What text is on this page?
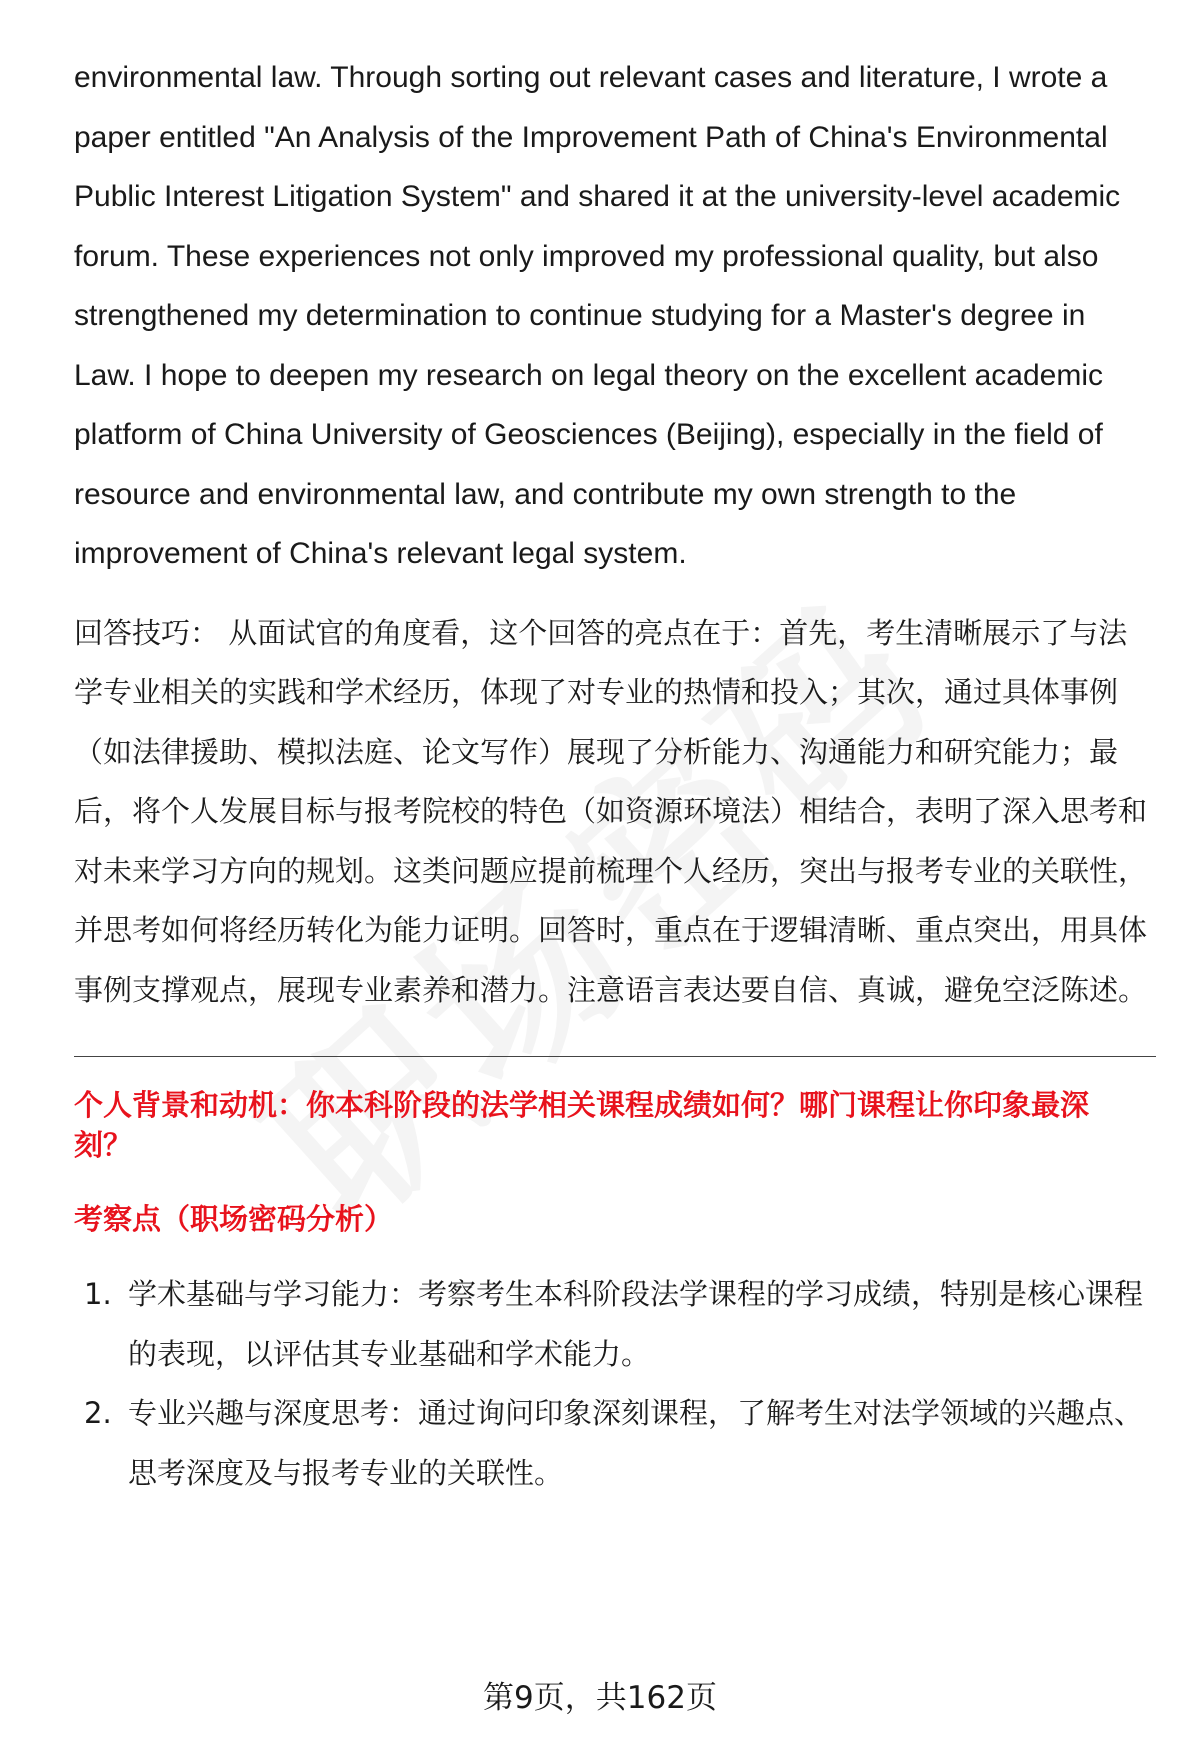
environmental law. Through sorting out relevant cases and literature, I wrote a paper entitled "An Analysis of the Improvement Path of China's Environmental Public Interest Litigation System" and shared it at the university-level academic forum. These experiences not only improved my professional quality, but also strengthened my determination to continue studying for a Master's degree in Law. I hope to deepen my research on legal theory on the excellent academic platform of China University of Geosciences (Beijing), especially in the field of resource and environmental law, and contribute my own strength to the improvement of China's relevant legal system.

回答技巧： 从面试官的角度看，这个回答的亮点在于：首先，考生清晰展示了与法学专业相关的实践和学术经历，体现了对专业的热情和投入；其次，通过具体事例（如法律援助、模拟法庭、论文写作）展现了分析能力、沟通能力和研究能力；最后，将个人发展目标与报考院校的特色（如资源环境法）相结合，表明了深入思考和对未来学习方向的规划。这类问题应提前梳理个人经历，突出与报考专业的关联性，并思考如何将经历转化为能力证明。回答时，重点在于逻辑清晰、重点突出，用具体事例支撑观点，展现专业素养和潜力。注意语言表达要自信、真诚，避免空泛陈述。

个人背景和动机：你本科阶段的法学相关课程成绩如何？哪门课程让你印象最深刻？
考察点（职场密码分析）
1. 学术基础与学习能力：考察考生本科阶段法学课程的学习成绩，特别是核心课程的表现，以评估其专业基础和学术能力。
2. 专业兴趣与深度思考：通过询问印象深刻课程，了解考生对法学领域的兴趣点、思考深度及与报考专业的关联性。
第9页，共162页
